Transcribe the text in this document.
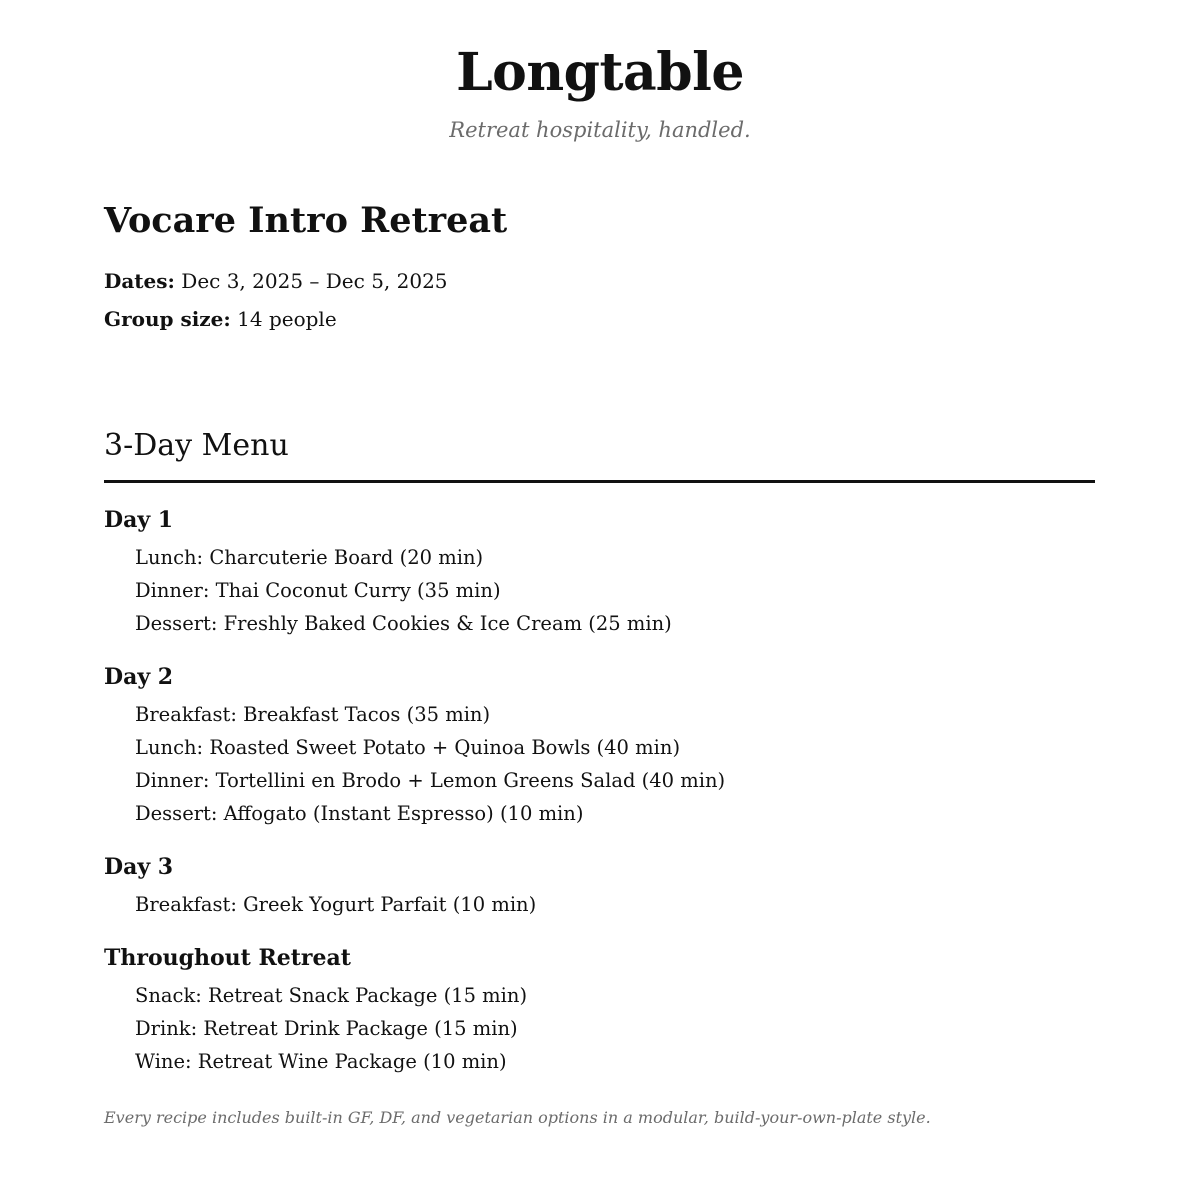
Longtable

Retreat hospitality, handled.

Vocare Intro Retreat
Dates: Dec 3, 2025 – Dec 5, 2025
Group size: 14 people
3-Day Menu
Day 1
Lunch: Charcuterie Board (20 min)
Dinner: Thai Coconut Curry (35 min)
Dessert: Freshly Baked Cookies & Ice Cream (25 min)
Day 2
Breakfast: Breakfast Tacos (35 min)
Lunch: Roasted Sweet Potato + Quinoa Bowls (40 min)
Dinner: Tortellini en Brodo + Lemon Greens Salad (40 min)
Dessert: Affogato (Instant Espresso) (10 min)
Day 3
Breakfast: Greek Yogurt Parfait (10 min)
Throughout Retreat
Snack: Retreat Snack Package (15 min)
Drink: Retreat Drink Package (15 min)
Wine: Retreat Wine Package (10 min)

Every recipe includes built-in GF, DF, and vegetarian options in a modular, build-your-own-plate style.
